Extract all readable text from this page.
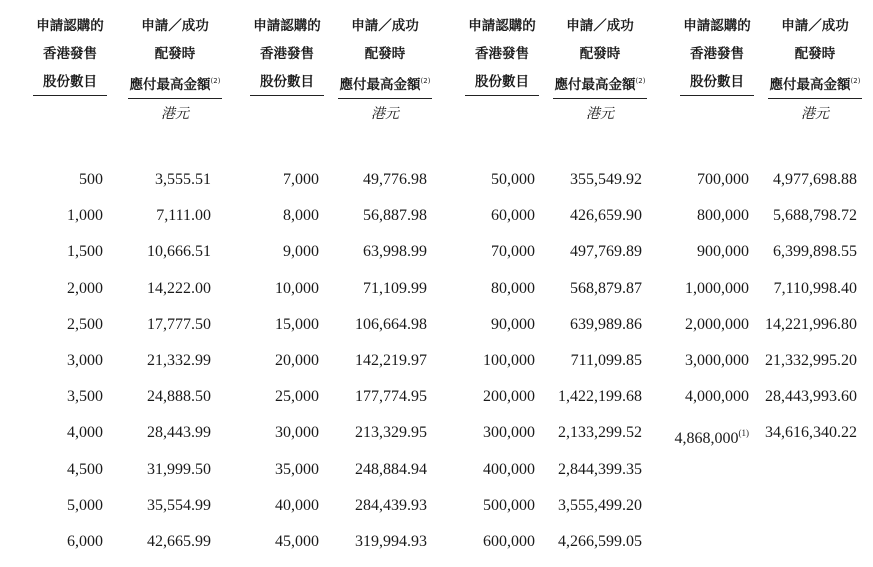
申請認購的
香港發售
股份數目
申請／成功
配發時
應付最高金額$^{(2)}$
港元
500
1,000
1,500
2,000
2,500
3,000
3,500
4,000
4,500
5,000
6,000
3,555.51
7,111.00
10,666.51
14,222.00
17,777.50
21,332.99
24,888.50
28,443.99
31,999.50
35,554.99
42,665.99
申請認購的
香港發售
股份數目
申請／成功
配發時
應付最高金額$^{(2)}$
港元
7,000
8,000
9,000
10,000
15,000
20,000
25,000
30,000
35,000
40,000
45,000
49,776.98
56,887.98
63,998.99
71,109.99
106,664.98
142,219.97
177,774.95
213,329.95
248,884.94
284,439.93
319,994.93
申請認購的
香港發售
股份數目
申請／成功
配發時
應付最高金額$^{(2)}$
港元
50,000
60,000
70,000
80,000
90,000
100,000
200,000
300,000
400,000
500,000
600,000
355,549.92
426,659.90
497,769.89
568,879.87
639,989.86
711,099.85
1,422,199.68
2,133,299.52
2,844,399.35
3,555,499.20
4,266,599.05
申請認購的
香港發售
股份數目
申請／成功
配發時
應付最高金額$^{(2)}$
港元
700,000
800,000
900,000
1,000,000
2,000,000
3,000,000
4,000,000
4,868,000$^{(1)}$
4,977,698.88
5,688,798.72
6,399,898.55
7,110,998.40
14,221,996.80
21,332,995.20
28,443,993.60
34,616,340.22
